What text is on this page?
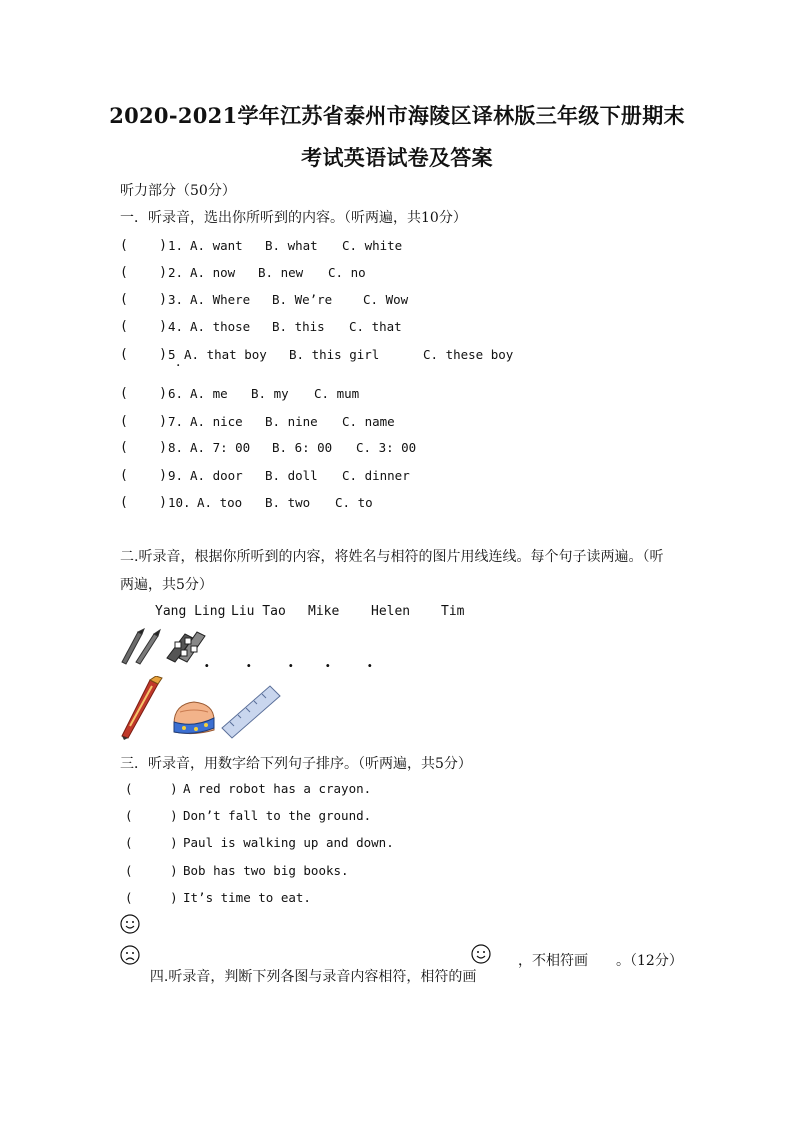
2020-2021学年江苏省泰州市海陵区译林版三年级下册期末
考试英语试卷及答案
听力部分（50分）
一．听录音，选出你所听到的内容。（听两遍，共10分）
(    ) 1. A. want B. what C. white
(    ) 2. A. now B. new C. no
(    ) 3. A. Where B. We’re C. Wow
(    ) 4. A. those B. this C. that
(    ) 5 A. that boy B. this girl	C. these boy
(    ) 6. A. me B. my C. mum
(    ) 7. A. nice B. nine C. name
(    ) 8. A. 7: 00 B. 6: 00 C. 3: 00
(    ) 9. A. door B. doll C. dinner
(    ) 10. A. too B. two C. to
·
二.听录音，根据你所听到的内容，将姓名与相符的图片用线连线。每个句子读两遍。（听
两遍，共5分）
Yang Ling Liu Tao Mike Helen Tim
. . . . .
三．听录音，用数字给下列句子排序。（听两遍，共5分）
(     ) A red robot has a crayon.
(     ) Don’t fall to the ground.
(     ) Paul is walking up and down.
(     ) Bob has two big books.
(     ) It’s time to eat.

四.听录音，判断下列各图与录音内容相符，相符的画

，不相符画 。（12分）
